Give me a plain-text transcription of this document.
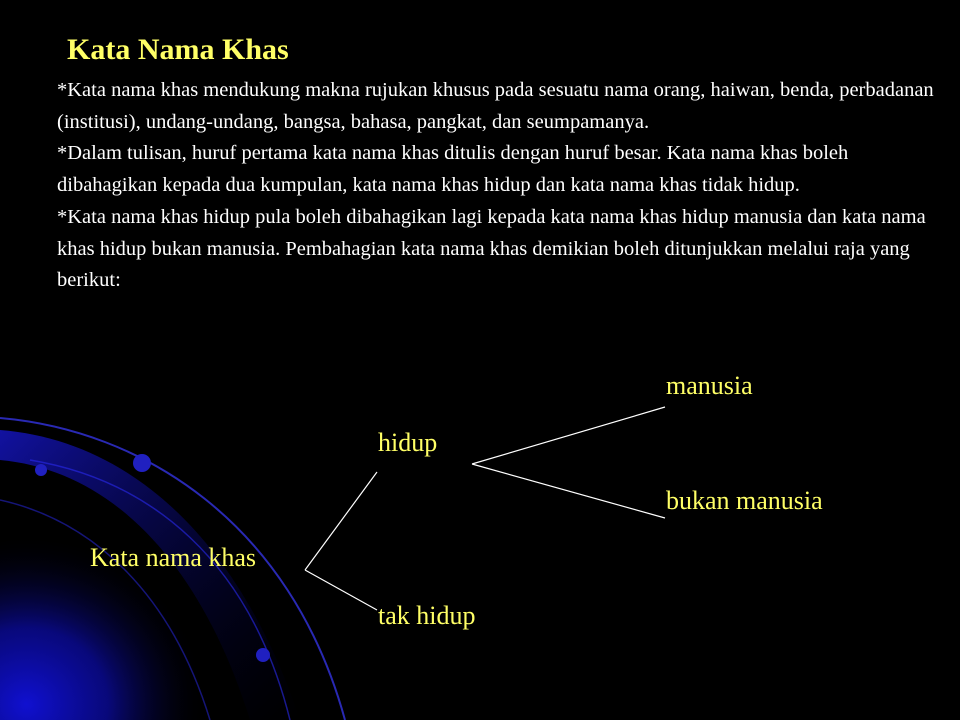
Kata Nama Khas

*Kata nama khas mendukung makna rujukan khusus pada sesuatu nama orang, haiwan, benda, perbadanan (institusi), undang-undang, bangsa, bahasa, pangkat, dan seumpamanya.

*Dalam tulisan, huruf pertama kata nama khas ditulis dengan huruf besar. Kata nama khas boleh dibahagikan kepada dua kumpulan, kata nama khas hidup dan kata nama khas tidak hidup.

*Kata nama khas hidup pula boleh dibahagikan lagi kepada kata nama khas hidup manusia dan kata nama khas hidup bukan manusia. Pembahagian kata nama khas demikian boleh ditunjukkan melalui raja yang berikut:

Kata nama khas
hidup
tak hidup
manusia
bukan manusia
